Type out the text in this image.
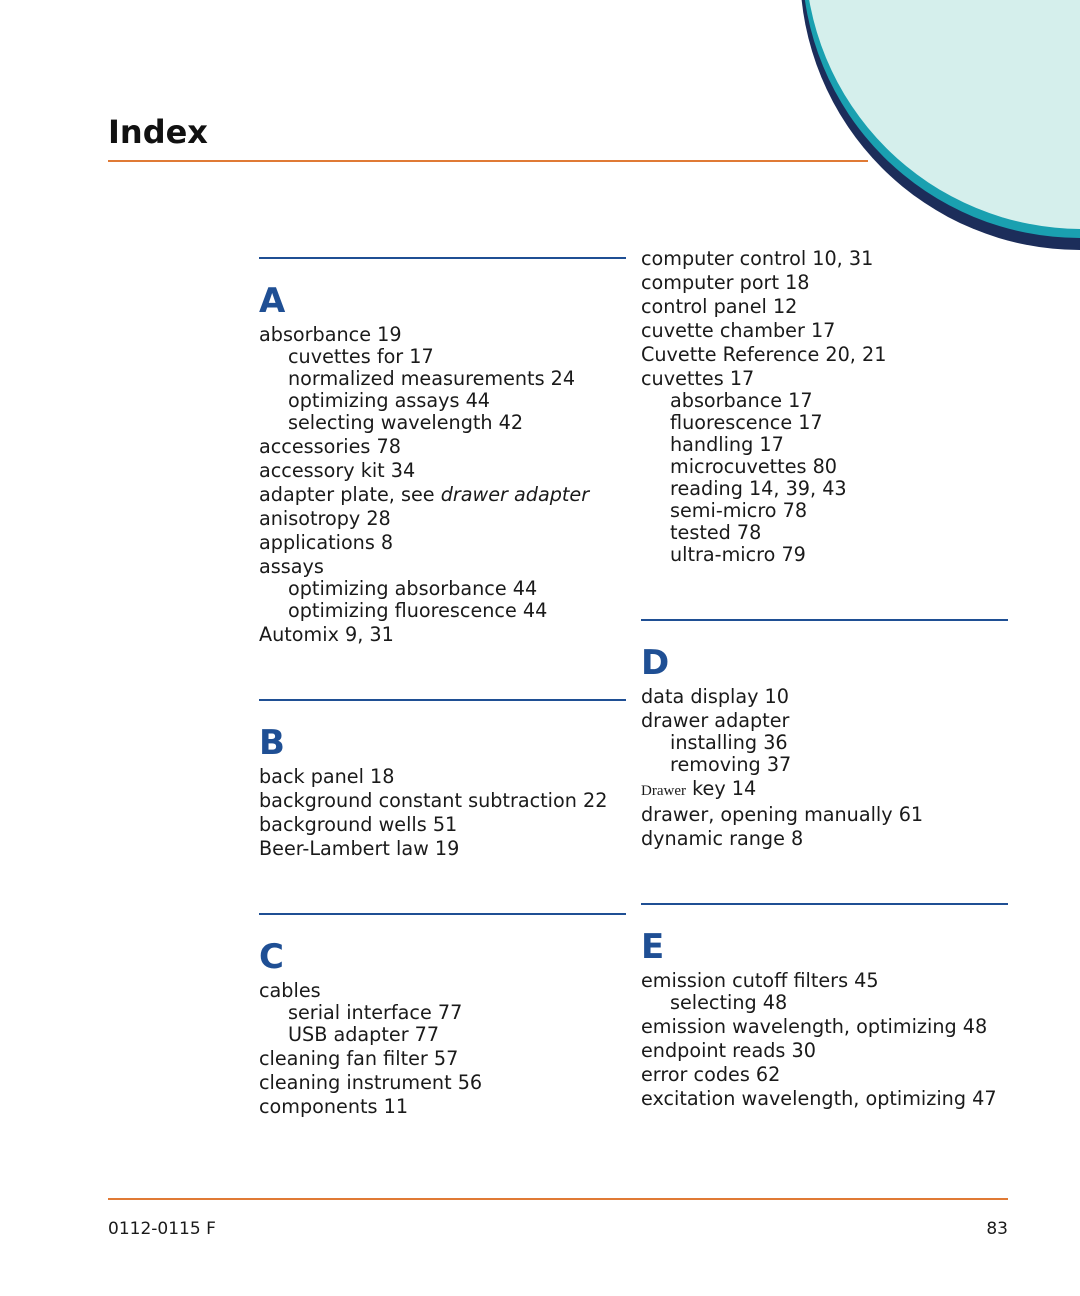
Index
A
absorbance 19
cuvettes for 17
normalized measurements 24
optimizing assays 44
selecting wavelength 42
accessories 78
accessory kit 34
adapter plate, see drawer adapter
anisotropy 28
applications 8
assays
optimizing absorbance 44
optimizing fluorescence 44
Automix 9, 31
B
back panel 18
background constant subtraction 22
background wells 51
Beer-Lambert law 19
C
cables
serial interface 77
USB adapter 77
cleaning fan filter 57
cleaning instrument 56
components 11
computer control 10, 31
computer port 18
control panel 12
cuvette chamber 17
Cuvette Reference 20, 21
cuvettes 17
absorbance 17
fluorescence 17
handling 17
microcuvettes 80
reading 14, 39, 43
semi-micro 78
tested 78
ultra-micro 79
D
data display 10
drawer adapter
installing 36
removing 37
Drawer key 14
drawer, opening manually 61
dynamic range 8
E
emission cutoff filters 45
selecting 48
emission wavelength, optimizing 48
endpoint reads 30
error codes 62
excitation wavelength, optimizing 47
0112-0115 F	83
